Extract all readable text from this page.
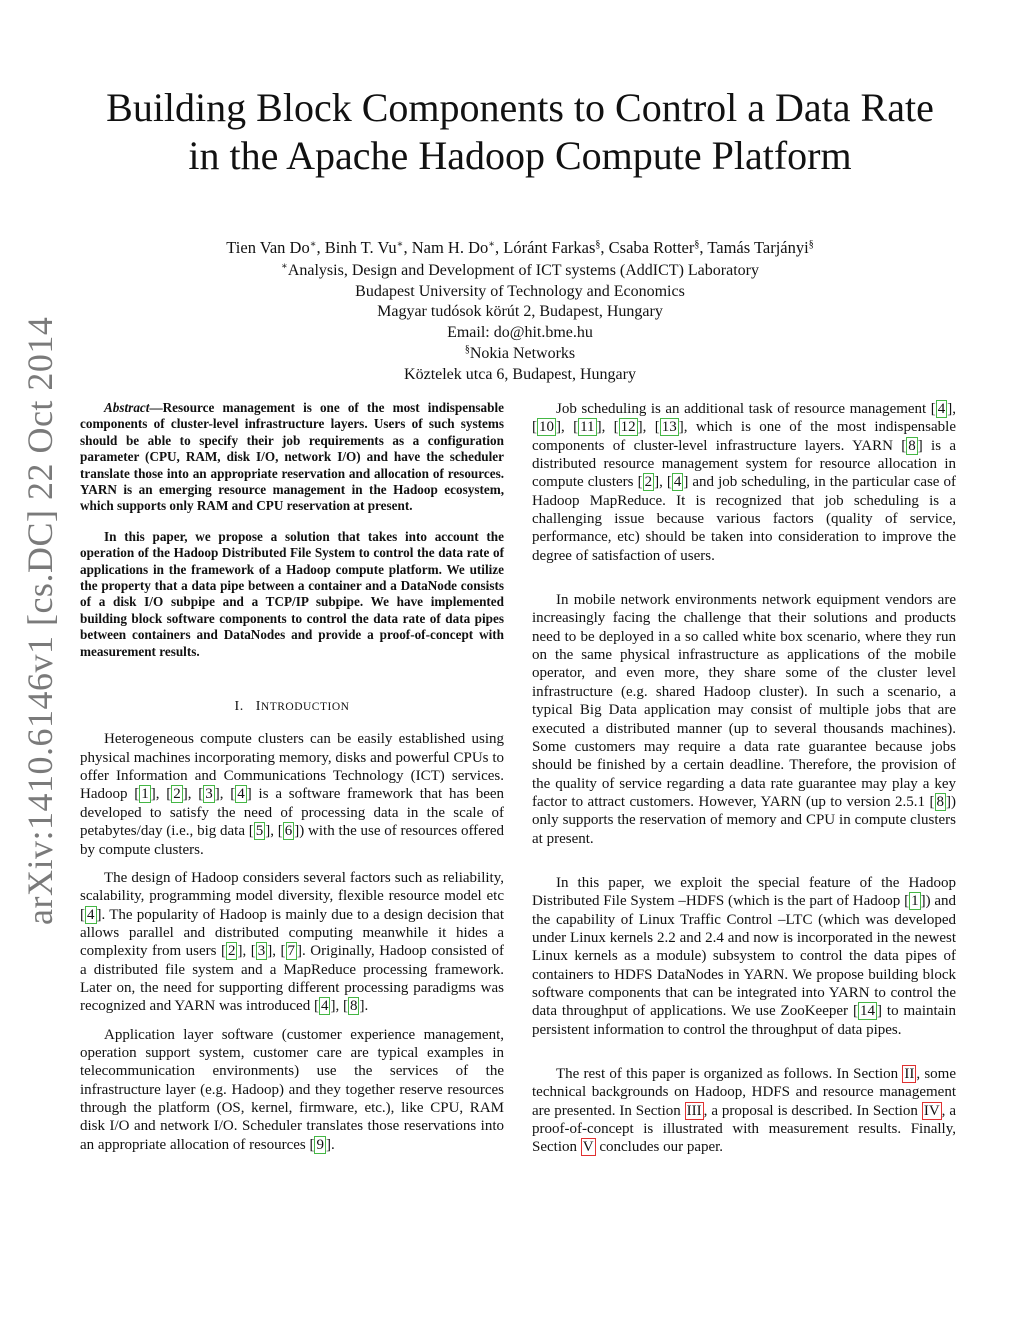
arXiv:1410.6146v1 [cs.DC] 22 Oct 2014
Building Block Components to Control a Data Rate
in the Apache Hadoop Compute Platform
Tien Van Do∗, Binh T. Vu∗, Nam H. Do∗, Lóránt Farkas§, Csaba Rotter§, Tamás Tarjányi§
∗Analysis, Design and Development of ICT systems (AddICT) Laboratory
Budapest University of Technology and Economics
Magyar tudósok körút 2, Budapest, Hungary
Email: do@hit.bme.hu
§Nokia Networks
Köztelek utca 6, Budapest, Hungary

Abstract—Resource management is one of the most indispensable components of cluster-level infrastructure layers. Users of such systems should be able to specify their job requirements as a configuration parameter (CPU, RAM, disk I/O, network I/O) and have the scheduler translate those into an appropriate reservation and allocation of resources. YARN is an emerging resource management in the Hadoop ecosystem, which supports only RAM and CPU reservation at present.

In this paper, we propose a solution that takes into account the operation of the Hadoop Distributed File System to control the data rate of applications in the framework of a Hadoop compute platform. We utilize the property that a data pipe between a container and a DataNode consists of a disk I/O subpipe and a TCP/IP subpipe. We have implemented building block software components to control the data rate of data pipes between containers and DataNodes and provide a proof-of-concept with measurement results.

I. INTRODUCTION

Heterogeneous compute clusters can be easily established using physical machines incorporating memory, disks and powerful CPUs to offer Information and Communications Technology (ICT) services. Hadoop [ 1 ], [ 2 ], [ 3 ], [ 4 ] is a software framework that has been developed to satisfy the need of processing data in the scale of petabytes/day (i.e., big data [ 5 ], [ 6 ]) with the use of resources offered by compute clusters.

The design of Hadoop considers several factors such as reliability, scalability, programming model diversity, flexible resource model etc [ 4 ]. The popularity of Hadoop is mainly due to a design decision that allows parallel and distributed computing meanwhile it hides a complexity from users [ 2 ], [ 3 ], [ 7 ]. Originally, Hadoop consisted of a distributed file system and a MapReduce processing framework. Later on, the need for supporting different processing paradigms was recognized and YARN was introduced [ 4 ], [ 8 ].

Application layer software (customer experience management, operation support system, customer care are typical examples in telecommunication environments) use the services of the infrastructure layer (e.g. Hadoop) and they together reserve resources through the platform (OS, kernel, firmware, etc.), like CPU, RAM disk I/O and network I/O. Scheduler translates those reservations into an appropriate allocation of resources [ 9 ].

Job scheduling is an additional task of resource management [ 4 ], [ 10 ], [ 11 ], [ 12 ], [ 13 ], which is one of the most indispensable components of cluster-level infrastructure layers. YARN [ 8 ] is a distributed resource management system for resource allocation in compute clusters [ 2 ], [ 4 ] and job scheduling, in the particular case of Hadoop MapReduce. It is recognized that job scheduling is a challenging issue because various factors (quality of service, performance, etc) should be taken into consideration to improve the degree of satisfaction of users.

In mobile network environments network equipment vendors are increasingly facing the challenge that their solutions and products need to be deployed in a so called white box scenario, where they run on the same physical infrastructure as applications of the mobile operator, and even more, they share some of the cluster level infrastructure (e.g. shared Hadoop cluster). In such a scenario, a typical Big Data application may consist of multiple jobs that are executed a distributed manner (up to several thousands machines). Some customers may require a data rate guarantee because jobs should be finished by a certain deadline. Therefore, the provision of the quality of service regarding a data rate guarantee may play a key factor to attract customers. However, YARN (up to version 2.5.1 [ 8 ]) only supports the reservation of memory and CPU in compute clusters at present.

In this paper, we exploit the special feature of the Hadoop Distributed File System –HDFS (which is the part of Hadoop [ 1 ]) and the capability of Linux Traffic Control –LTC (which was developed under Linux kernels 2.2 and 2.4 and now is incorporated in the newest Linux kernels as a module) subsystem to control the data pipes of containers to HDFS DataNodes in YARN. We propose building block software components that can be integrated into YARN to control the data throughput of applications. We use ZooKeeper [ 14 ] to maintain persistent information to control the throughput of data pipes.

The rest of this paper is organized as follows. In Section II , some technical backgrounds on Hadoop, HDFS and resource management are presented. In Section III , a proposal is described. In Section IV , a proof-of-concept is illustrated with measurement results. Finally, Section V concludes our paper.
